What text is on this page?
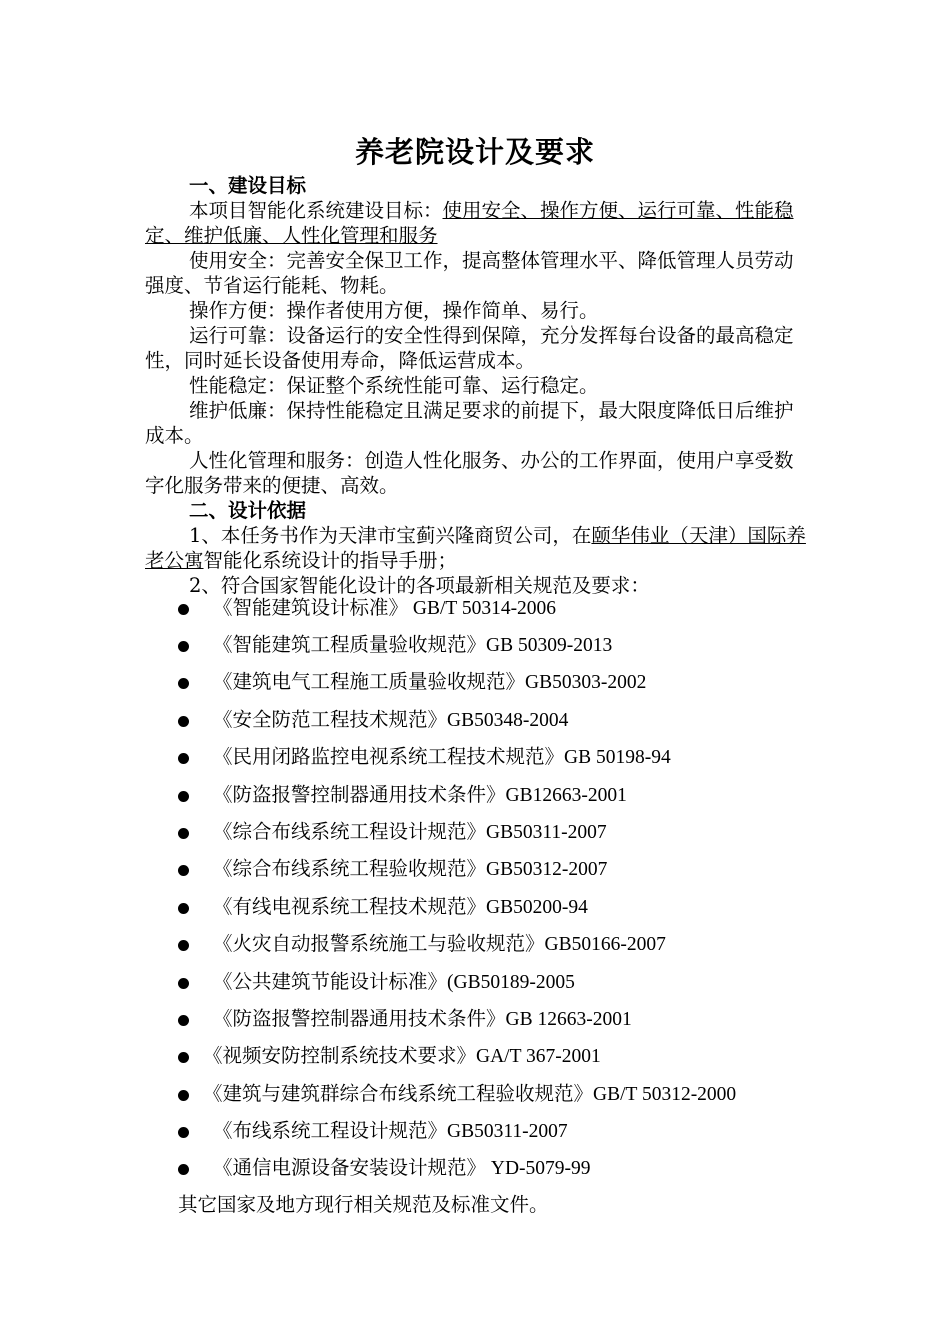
养老院设计及要求
一、建设目标
本项目智能化系统建设目标：使用安全、操作方便、运行可靠、性能稳定、维护低廉、人性化管理和服务
使用安全：完善安全保卫工作，提高整体管理水平、降低管理人员劳动强度、节省运行能耗、物耗。
操作方便：操作者使用方便，操作简单、易行。
运行可靠：设备运行的安全性得到保障，充分发挥每台设备的最高稳定性，同时延长设备使用寿命，降低运营成本。
性能稳定：保证整个系统性能可靠、运行稳定。
维护低廉：保持性能稳定且满足要求的前提下，最大限度降低日后维护成本。
人性化管理和服务：创造人性化服务、办公的工作界面，使用户享受数字化服务带来的便捷、高效。
二、设计依据
1、本任务书作为天津市宝蓟兴隆商贸公司，在颐华伟业（天津）国际养老公寓智能化系统设计的指导手册；
2、符合国家智能化设计的各项最新相关规范及要求：
《智能建筑设计标准》 GB/T 50314-2006
《智能建筑工程质量验收规范》GB 50309-2013
《建筑电气工程施工质量验收规范》GB50303-2002
《安全防范工程技术规范》GB50348-2004
《民用闭路监控电视系统工程技术规范》GB 50198-94
《防盗报警控制器通用技术条件》GB12663-2001
《综合布线系统工程设计规范》GB50311-2007
《综合布线系统工程验收规范》GB50312-2007
《有线电视系统工程技术规范》GB50200-94
《火灾自动报警系统施工与验收规范》GB50166-2007
《公共建筑节能设计标准》(GB50189-2005
《防盗报警控制器通用技术条件》GB 12663-2001
《视频安防控制系统技术要求》GA/T 367-2001
《建筑与建筑群综合布线系统工程验收规范》GB/T 50312-2000
《布线系统工程设计规范》GB50311-2007
《通信电源设备安装设计规范》 YD-5079-99
其它国家及地方现行相关规范及标准文件。
